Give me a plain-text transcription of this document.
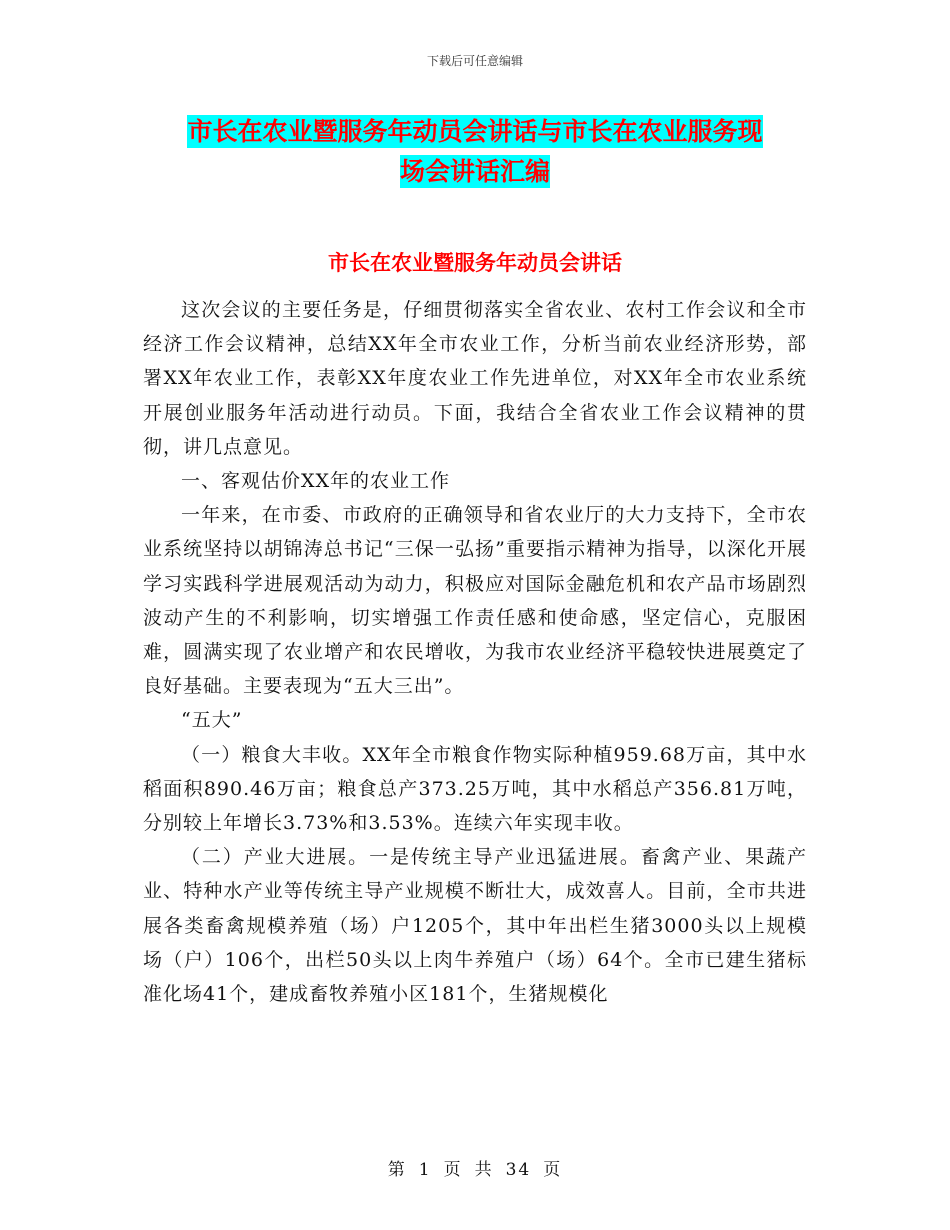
下载后可任意编辑
市长在农业暨服务年动员会讲话与市长在农业服务现
场会讲话汇编
市长在农业暨服务年动员会讲话

这次会议的主要任务是，仔细贯彻落实全省农业、农村工作会议和全市经济工作会议精神，总结XX年全市农业工作，分析当前农业经济形势，部署XX年农业工作，表彰XX年度农业工作先进单位，对XX年全市农业系统开展创业服务年活动进行动员。下面，我结合全省农业工作会议精神的贯彻，讲几点意见。

一、客观估价XX年的农业工作

一年来，在市委、市政府的正确领导和省农业厅的大力支持下，全市农业系统坚持以胡锦涛总书记“三保一弘扬”重要指示精神为指导，以深化开展学习实践科学进展观活动为动力，积极应对国际金融危机和农产品市场剧烈波动产生的不利影响，切实增强工作责任感和使命感，坚定信心，克服困难，圆满实现了农业增产和农民增收，为我市农业经济平稳较快进展奠定了良好基础。主要表现为“五大三出”。

“五大”

（一）粮食大丰收。XX年全市粮食作物实际种植959.68万亩，其中水稻面积890.46万亩；粮食总产373.25万吨，其中水稻总产356.81万吨，分别较上年增长3.73%和3.53%。连续六年实现丰收。

（二）产业大进展。一是传统主导产业迅猛进展。畜禽产业、果蔬产业、特种水产业等传统主导产业规模不断壮大，成效喜人。目前，全市共进展各类畜禽规模养殖（场）户1205个，其中年出栏生猪3000头以上规模场（户）106个，出栏50头以上肉牛养殖户（场）64个。全市已建生猪标准化场41个，建成畜牧养殖小区181个，生猪规模化

第 1 页 共 34 页
